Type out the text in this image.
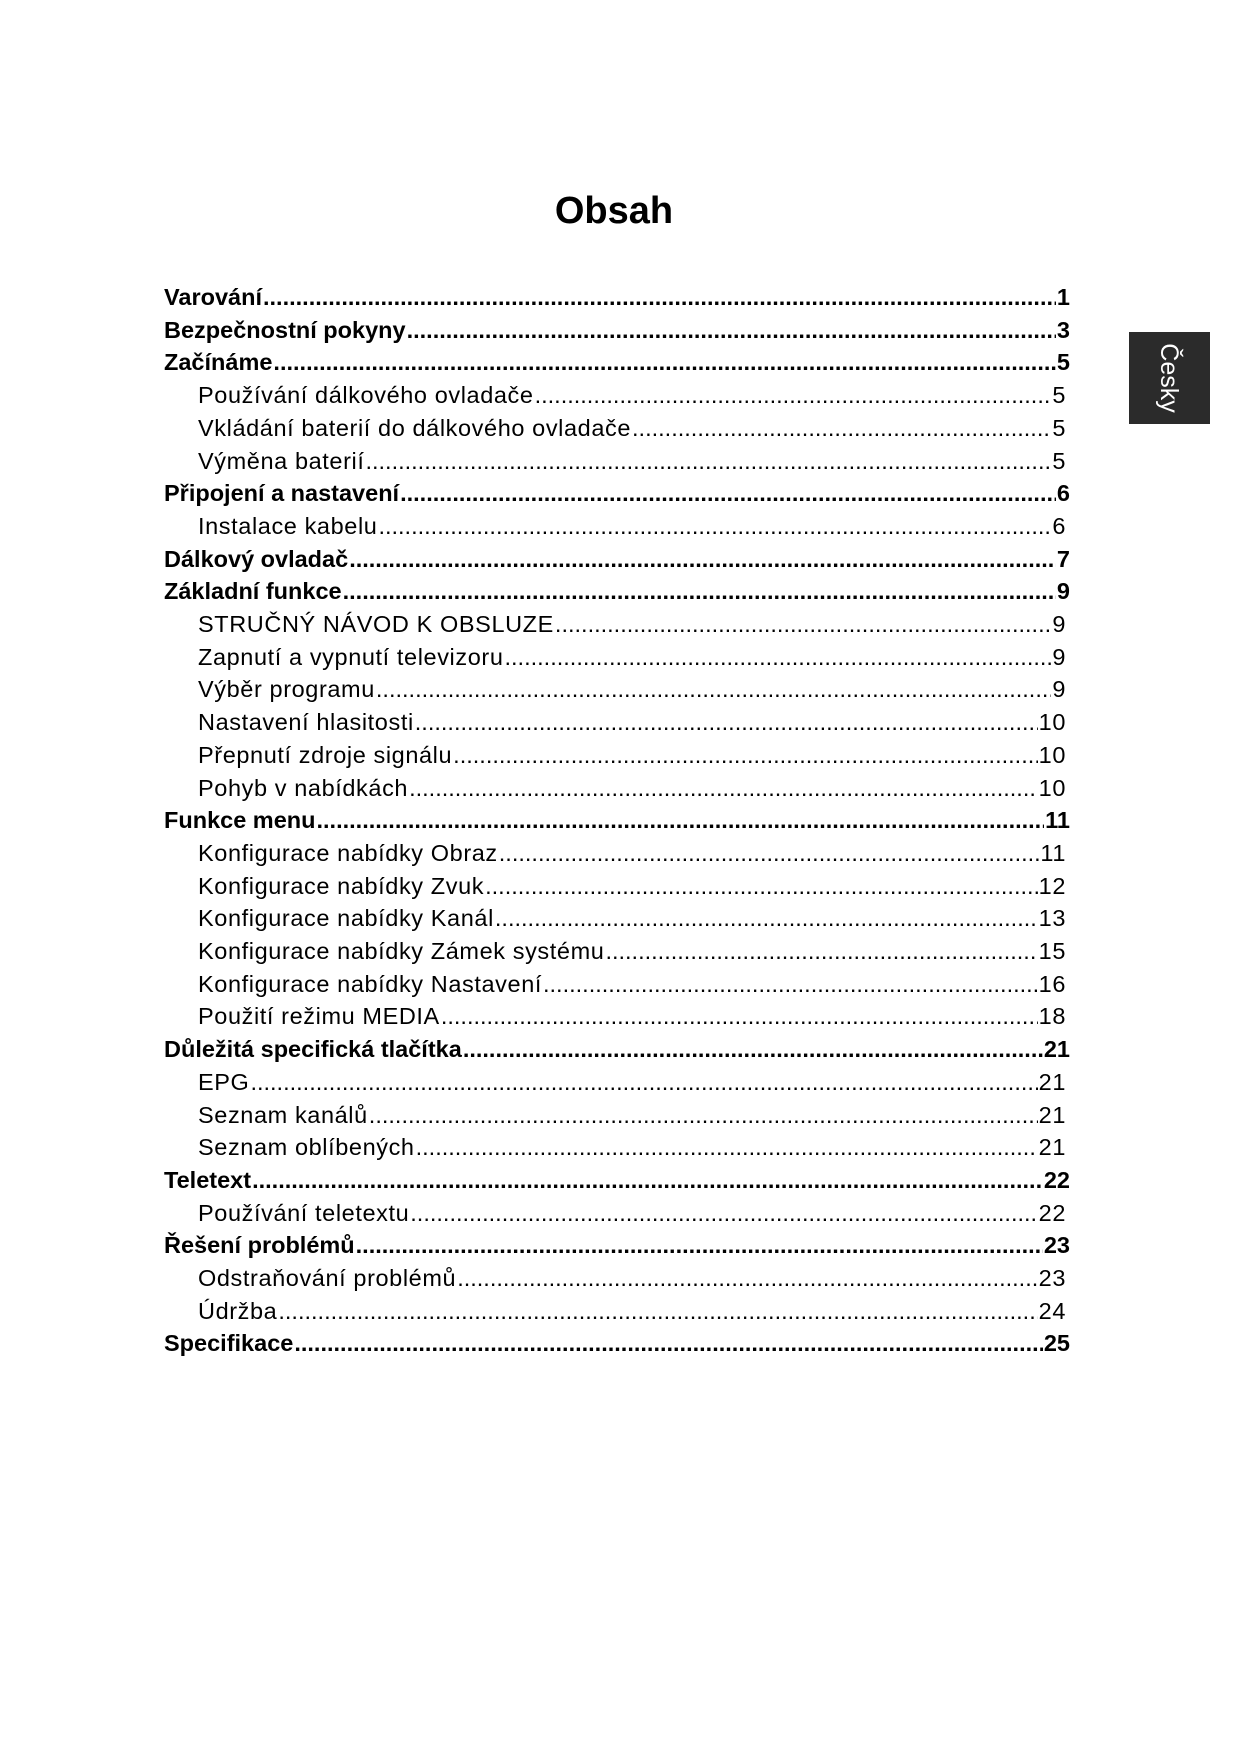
Obsah
Varování .....	1
Bezpečnostní pokyny .....	3
Začínáme .....	5
Používání dálkového ovladače .....	5
Vkládání baterií do dálkového ovladače .....	5
Výměna baterií .....	5
Připojení a nastavení .....	6
Instalace kabelu .....	6
Dálkový ovladač .....	7
Základní funkce .....	9
STRUČNÝ NÁVOD K OBSLUZE .....	9
Zapnutí a vypnutí televizoru .....	9
Výběr programu .....	9
Nastavení hlasitosti .....	10
Přepnutí zdroje signálu .....	10
Pohyb v nabídkách .....	10
Funkce menu .....	11
Konfigurace nabídky Obraz .....	11
Konfigurace nabídky Zvuk .....	12
Konfigurace nabídky Kanál .....	13
Konfigurace nabídky Zámek systému .....	15
Konfigurace nabídky Nastavení .....	16
Použití režimu MEDIA .....	18
Důležitá specifická tlačítka .....	21
EPG .....	21
Seznam kanálů .....	21
Seznam oblíbených .....	21
Teletext .....	22
Používání teletextu .....	22
Řešení problémů .....	23
Odstraňování problémů .....	23
Údržba .....	24
Specifikace .....	25
Česky
